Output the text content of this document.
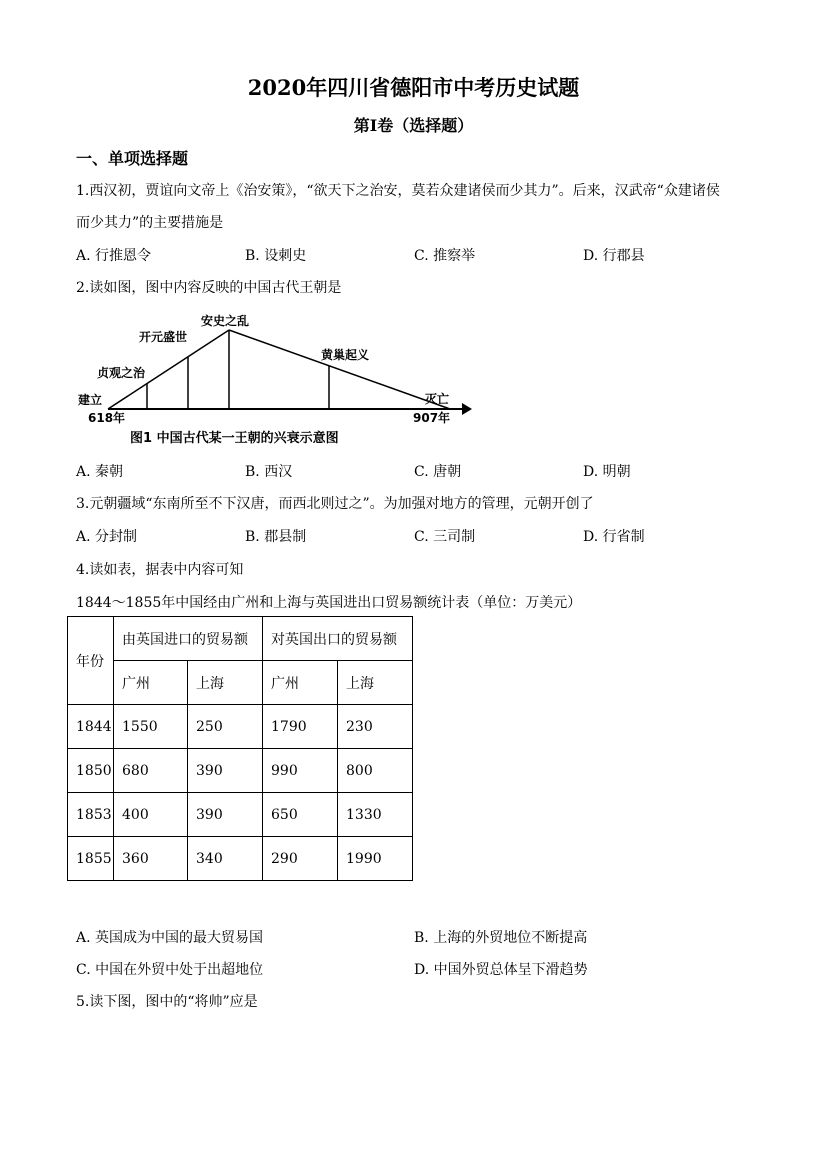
2020年四川省德阳市中考历史试题
第Ⅰ卷（选择题）
一、单项选择题
1.西汉初，贾谊向文帝上《治安策》，“欲天下之治安，莫若众建诸侯而少其力”。后来，汉武帝“众建诸侯
而少其力”的主要措施是
A. 行推恩令	B. 设刺史	C. 推察举	D. 行郡县
2.读如图，图中内容反映的中国古代王朝是
建立
贞观之治
开元盛世
安史之乱
黄巢起义
灭亡
618年	907年
图1 中国古代某一王朝的兴衰示意图
A. 秦朝	B. 西汉	C. 唐朝	D. 明朝
3.元朝疆域“东南所至不下汉唐，而西北则过之”。为加强对地方的管理，元朝开创了
A. 分封制	B. 郡县制	C. 三司制	D. 行省制
4.读如表，据表中内容可知
1844～1855年中国经由广州和上海与英国进出口贸易额统计表（单位：万美元）
年份	由英国进口的贸易额		对英国出口的贸易额	
	广州	上海	广州	上海
1844	1550	250	1790	230
1850	680	390	990	800
1853	400	390	650	1330
1855	360	340	290	1990
A. 英国成为中国的最大贸易国	B. 上海的外贸地位不断提高
C. 中国在外贸中处于出超地位	D. 中国外贸总体呈下滑趋势
5.读下图，图中的“将帅”应是
